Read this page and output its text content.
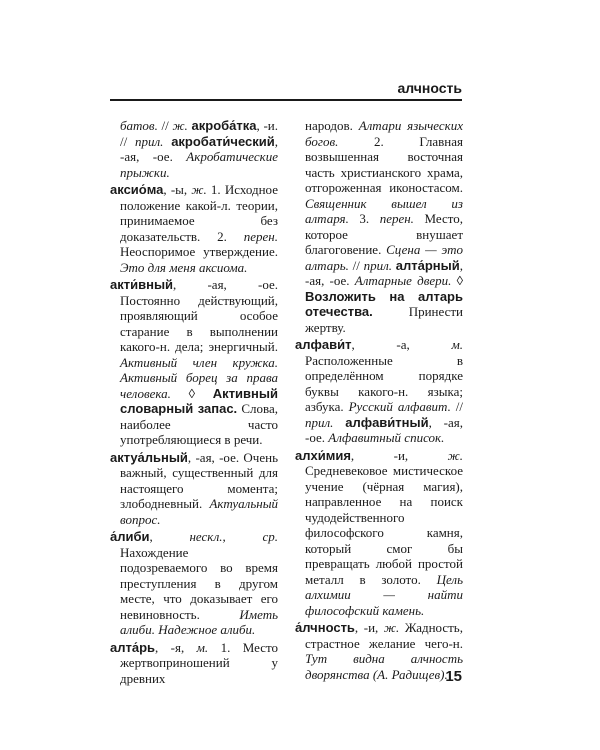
алчность

батов. // ж. акроба́тка, -и. // прил. акробати́ческий, -ая, -ое. Акробатические прыжки.

аксио́ма, -ы, ж. 1. Исходное положение какой-л. теории, принимаемое без доказательств. 2. перен. Неоспоримое утверждение. Это для меня аксиома.

акти́вный, -ая, -ое. Постоянно действующий, проявляющий особое старание в выполнении какого-н. дела; энергичный. Активный член кружка. Активный борец за права человека. ◊ Активный словарный запас. Слова, наиболее часто употребляющиеся в речи.

актуа́льный, -ая, -ое. Очень важный, существенный для настоящего момента; злободневный. Актуальный вопрос.

а́либи, нескл., ср. Нахождение подозреваемого во время преступления в другом месте, что доказывает его невиновность. Иметь алиби. Надежное алиби.

алта́рь, -я, м. 1. Место жертвоприношений у древних

народов. Алтари языческих богов. 2. Главная возвышенная восточная часть христианского храма, отгороженная иконостасом. Священник вышел из алтаря. 3. перен. Место, которое внушает благоговение. Сцена — это алтарь. // прил. алта́рный, -ая, -ое. Алтарные двери. ◊ Возложить на алтарь отечества. Принести жертву.

алфави́т, -а, м. Расположенные в определённом порядке буквы какого-н. языка; азбука. Русский алфавит. // прил. алфави́тный, -ая, -ое. Алфавитный список.

алхи́мия, -и, ж. Средневековое мистическое учение (чёрная магия), направленное на поиск чудодейственного философского камня, который смог бы превращать любой простой металл в золото. Цель алхимии — найти философский камень.

а́лчность, -и, ж. Жадность, страстное желание чего-н. Тут видна алчность дворянства (А. Радищев).

15
